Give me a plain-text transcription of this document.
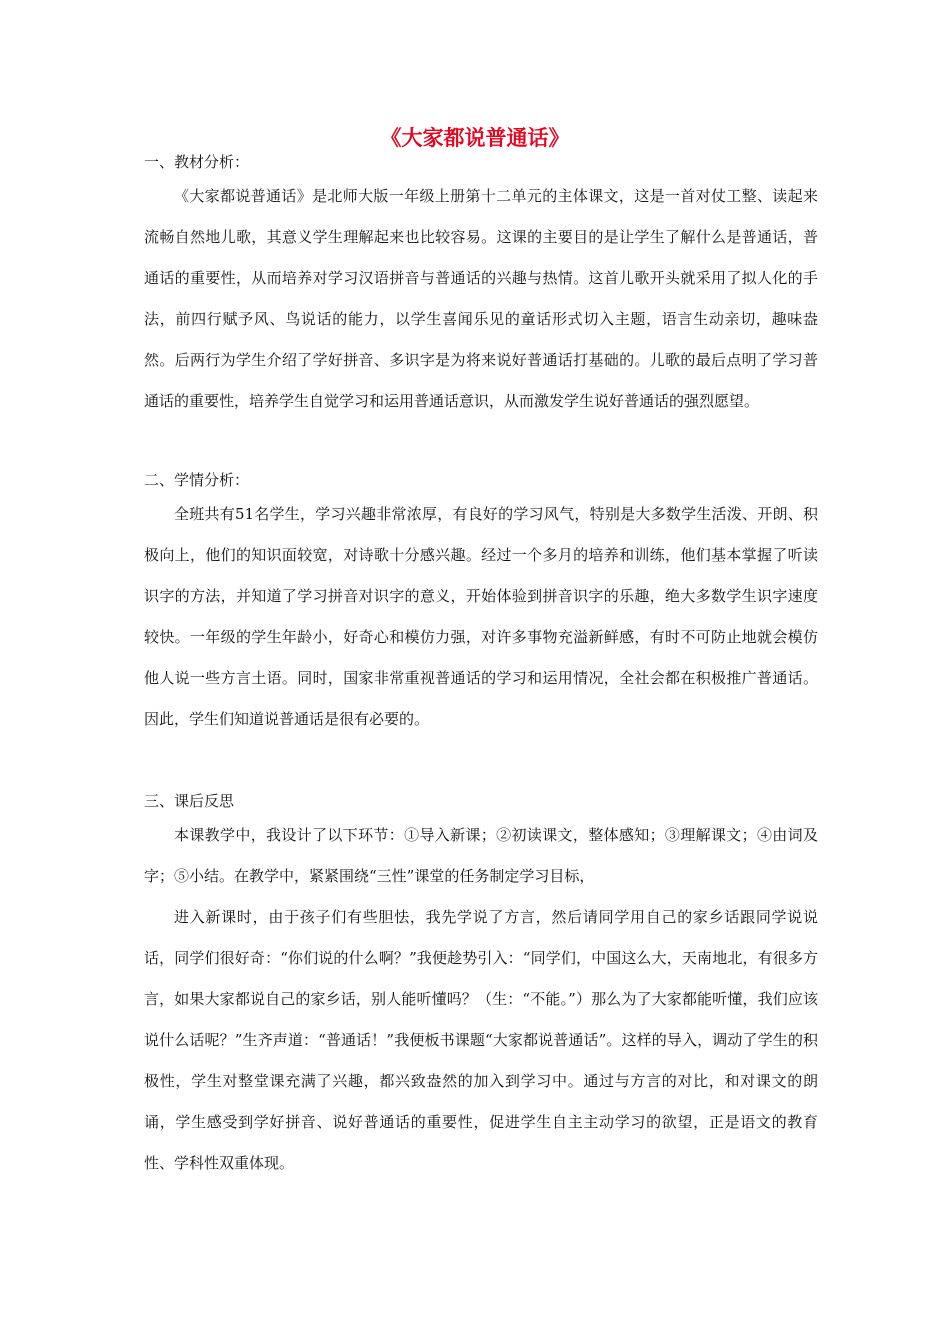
《大家都说普通话》
一、教材分析：

《大家都说普通话》是北师大版一年级上册第十二单元的主体课文，这是一首对仗工整、读起来流畅自然地儿歌，其意义学生理解起来也比较容易。这课的主要目的是让学生了解什么是普通话，普通话的重要性，从而培养对学习汉语拼音与普通话的兴趣与热情。这首儿歌开头就采用了拟人化的手法，前四行赋予风、鸟说话的能力，以学生喜闻乐见的童话形式切入主题，语言生动亲切，趣味盎然。后两行为学生介绍了学好拼音、多识字是为将来说好普通话打基础的。儿歌的最后点明了学习普通话的重要性，培养学生自觉学习和运用普通话意识，从而激发学生说好普通话的强烈愿望。

二、学情分析：

全班共有51名学生，学习兴趣非常浓厚，有良好的学习风气，特别是大多数学生活泼、开朗、积极向上，他们的知识面较宽，对诗歌十分感兴趣。经过一个多月的培养和训练，他们基本掌握了听读识字的方法，并知道了学习拼音对识字的意义，开始体验到拼音识字的乐趣，绝大多数学生识字速度较快。一年级的学生年龄小，好奇心和模仿力强，对许多事物充溢新鲜感，有时不可防止地就会模仿他人说一些方言土语。同时，国家非常重视普通话的学习和运用情况，全社会都在积极推广普通话。因此，学生们知道说普通话是很有必要的。

三、课后反思

本课教学中，我设计了以下环节：①导入新课；②初读课文，整体感知；③理解课文；④由词及字；⑤小结。在教学中，紧紧围绕“三性”课堂的任务制定学习目标，

进入新课时，由于孩子们有些胆怯，我先学说了方言，然后请同学用自己的家乡话跟同学说说话，同学们很好奇：“你们说的什么啊？”我便趁势引入：“同学们，中国这么大，天南地北，有很多方言，如果大家都说自己的家乡话，别人能听懂吗？（生：“不能。”）那么为了大家都能听懂，我们应该说什么话呢？”生齐声道：“普通话！”我便板书课题“大家都说普通话”。这样的导入，调动了学生的积极性，学生对整堂课充满了兴趣，都兴致盎然的加入到学习中。通过与方言的对比，和对课文的朗诵，学生感受到学好拼音、说好普通话的重要性，促进学生自主主动学习的欲望，正是语文的教育性、学科性双重体现。
